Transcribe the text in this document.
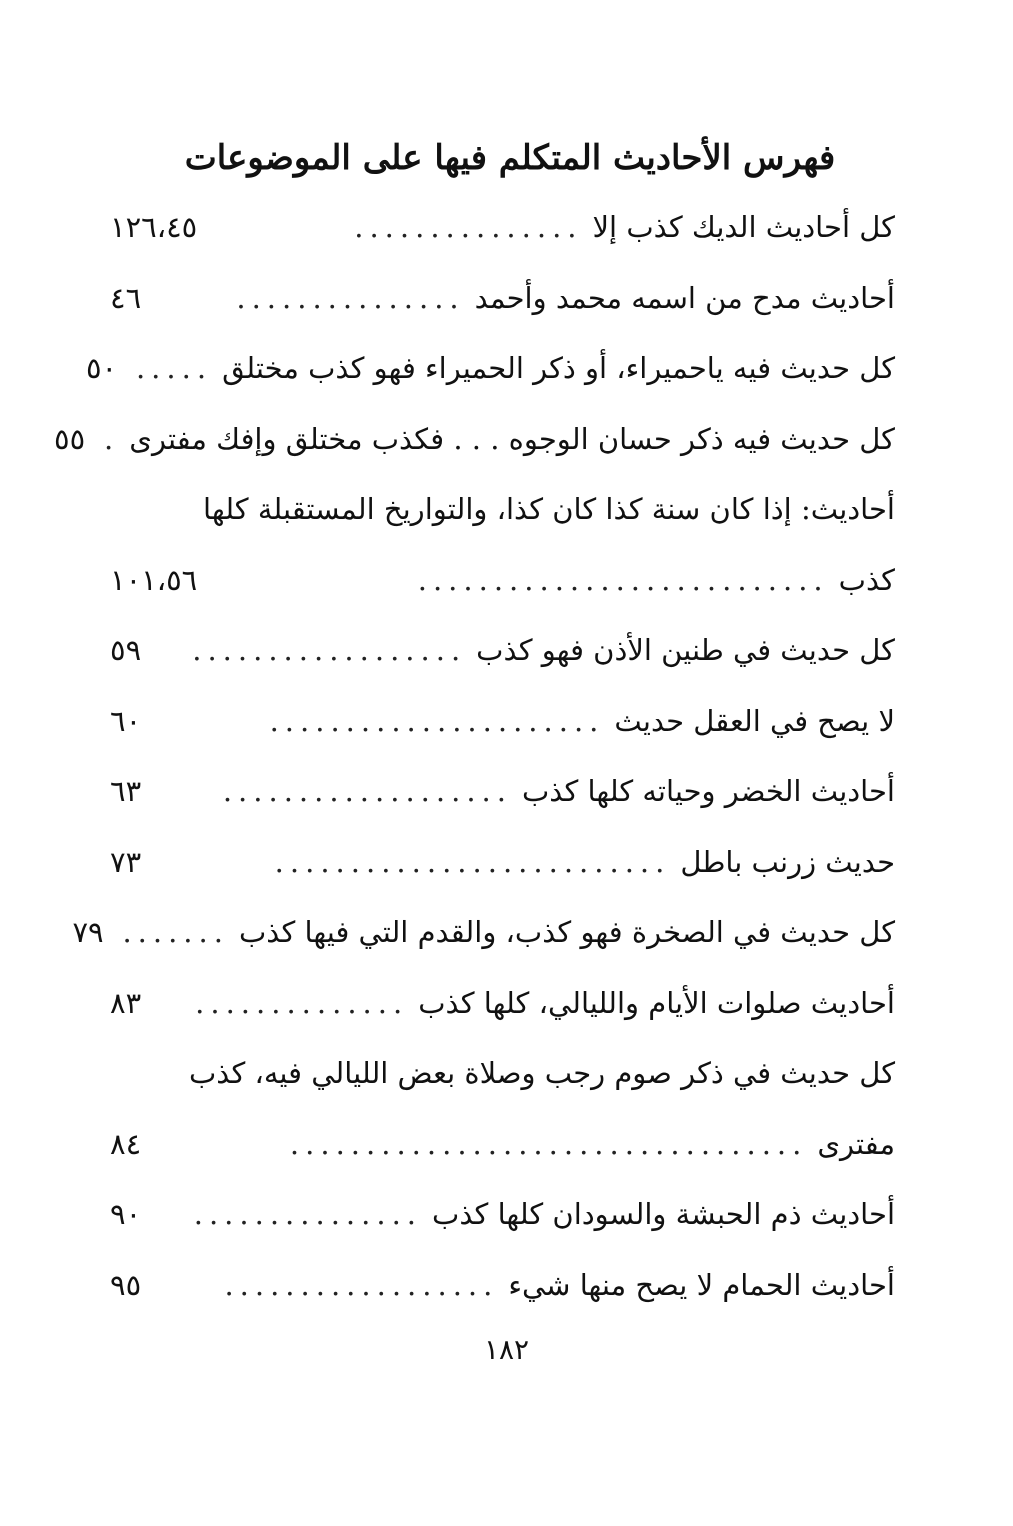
فهرس الأحاديث المتكلم فيها على الموضوعات
كل أحاديث الديك كذب إلا
...............
١٢٦،٤٥
أحاديث مدح من اسمه محمد وأحمد
...............
٤٦
كل حديث فيه ياحميراء، أو ذكر الحميراء فهو كذب مختلق
.....
٥٠
كل حديث فيه ذكر حسان الوجوه . . . فكذب مختلق وإفك مفترى
.
٥٥
أحاديث: إذا كان سنة كذا كان كذا، والتواريخ المستقبلة كلها
كذب
...........................
١٠١،٥٦
كل حديث في طنين الأذن فهو كذب
..................
٥٩
لا يصح في العقل حديث
......................
٦٠
أحاديث الخضر وحياته كلها كذب
...................
٦٣
حديث زرنب باطل
..........................
٧٣
كل حديث في الصخرة فهو كذب، والقدم التي فيها كذب
.......
٧٩
أحاديث صلوات الأيام والليالي، كلها كذب
..............
٨٣
كل حديث في ذكر صوم رجب وصلاة بعض الليالي فيه، كذب
مفترى
..................................
٨٤
أحاديث ذم الحبشة والسودان كلها كذب
...............
٩٠
أحاديث الحمام لا يصح منها شيء
..................
٩٥
١٨٢
